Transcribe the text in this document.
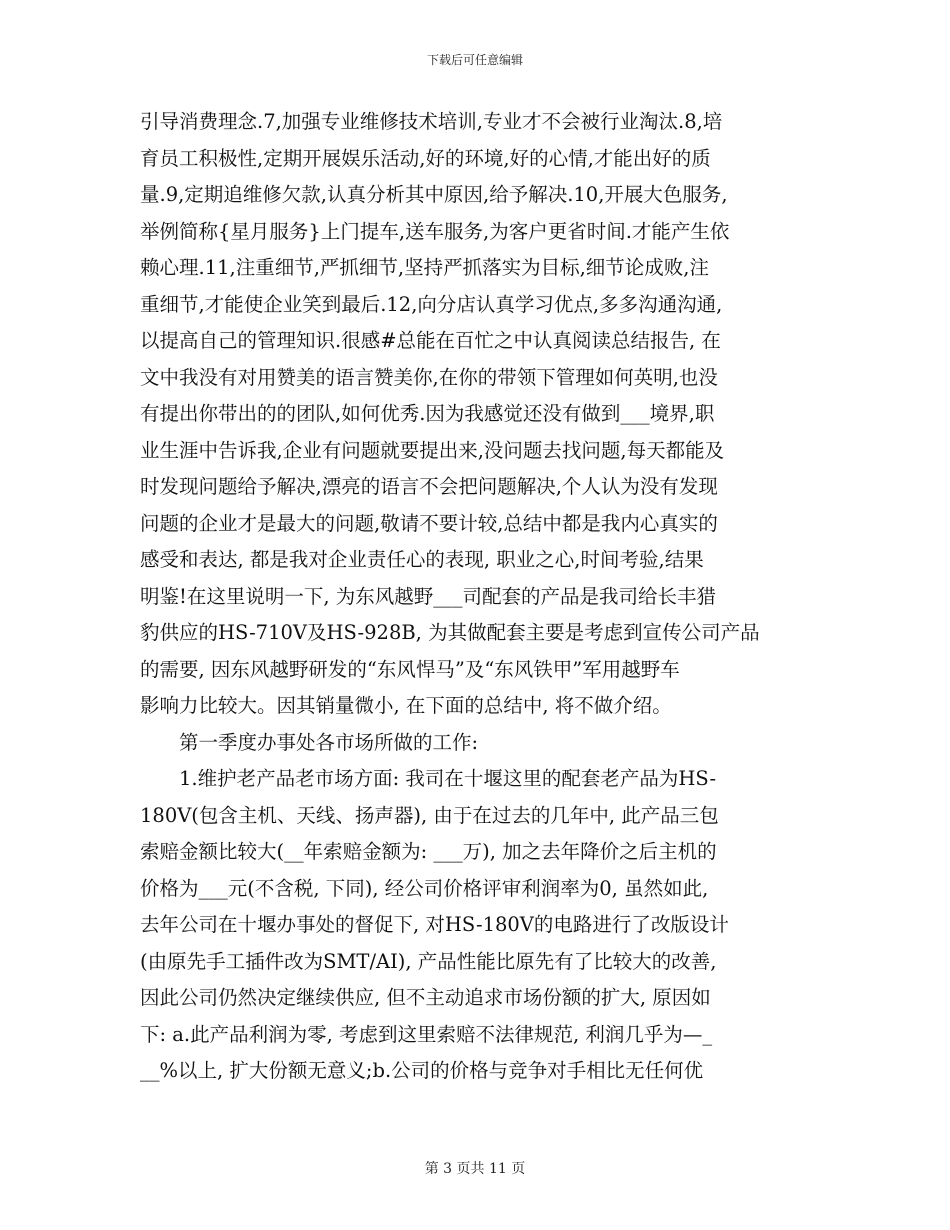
下载后可任意编辑
引导消费理念.7,加强专业维修技术培训,专业才不会被行业淘汰.8,培
育员工积极性,定期开展娱乐活动,好的环境,好的心情,才能出好的质
量.9,定期追维修欠款,认真分析其中原因,给予解决.10,开展大色服务,
举例简称{星月服务}上门提车,送车服务,为客户更省时间.才能产生依
赖心理.11,注重细节,严抓细节,坚持严抓落实为目标,细节论成败,注
重细节,才能使企业笑到最后.12,向分店认真学习优点,多多沟通沟通,
以提高自己的管理知识.很感#总能在百忙之中认真阅读总结报告, 在
文中我没有对用赞美的语言赞美你,在你的带领下管理如何英明,也没
有提出你带出的的团队,如何优秀.因为我感觉还没有做到___境界,职
业生涯中告诉我,企业有问题就要提出来,没问题去找问题,每天都能及
时发现问题给予解决,漂亮的语言不会把问题解决,个人认为没有发现
问题的企业才是最大的问题,敬请不要计较,总结中都是我内心真实的
感受和表达, 都是我对企业责任心的表现, 职业之心,时间考验,结果
明鉴!在这里说明一下, 为东风越野___司配套的产品是我司给长丰猎
豹供应的HS-710V及HS-928B, 为其做配套主要是考虑到宣传公司产品
的需要, 因东风越野研发的“东风悍马”及“东风铁甲”军用越野车
影响力比较大。因其销量微小, 在下面的总结中, 将不做介绍。
第一季度办事处各市场所做的工作:
1.维护老产品老市场方面: 我司在十堰这里的配套老产品为HS-
180V(包含主机、天线、扬声器), 由于在过去的几年中, 此产品三包
索赔金额比较大(__年索赔金额为: ___万), 加之去年降价之后主机的
价格为___元(不含税, 下同), 经公司价格评审利润率为0, 虽然如此,
去年公司在十堰办事处的督促下, 对HS-180V的电路进行了改版设计
(由原先手工插件改为SMT/AI), 产品性能比原先有了比较大的改善,
因此公司仍然决定继续供应, 但不主动追求市场份额的扩大, 原因如
下: a.此产品利润为零, 考虑到这里索赔不法律规范, 利润几乎为—_
__%以上, 扩大份额无意义;b.公司的价格与竞争对手相比无任何优
第 3 页共 11 页
